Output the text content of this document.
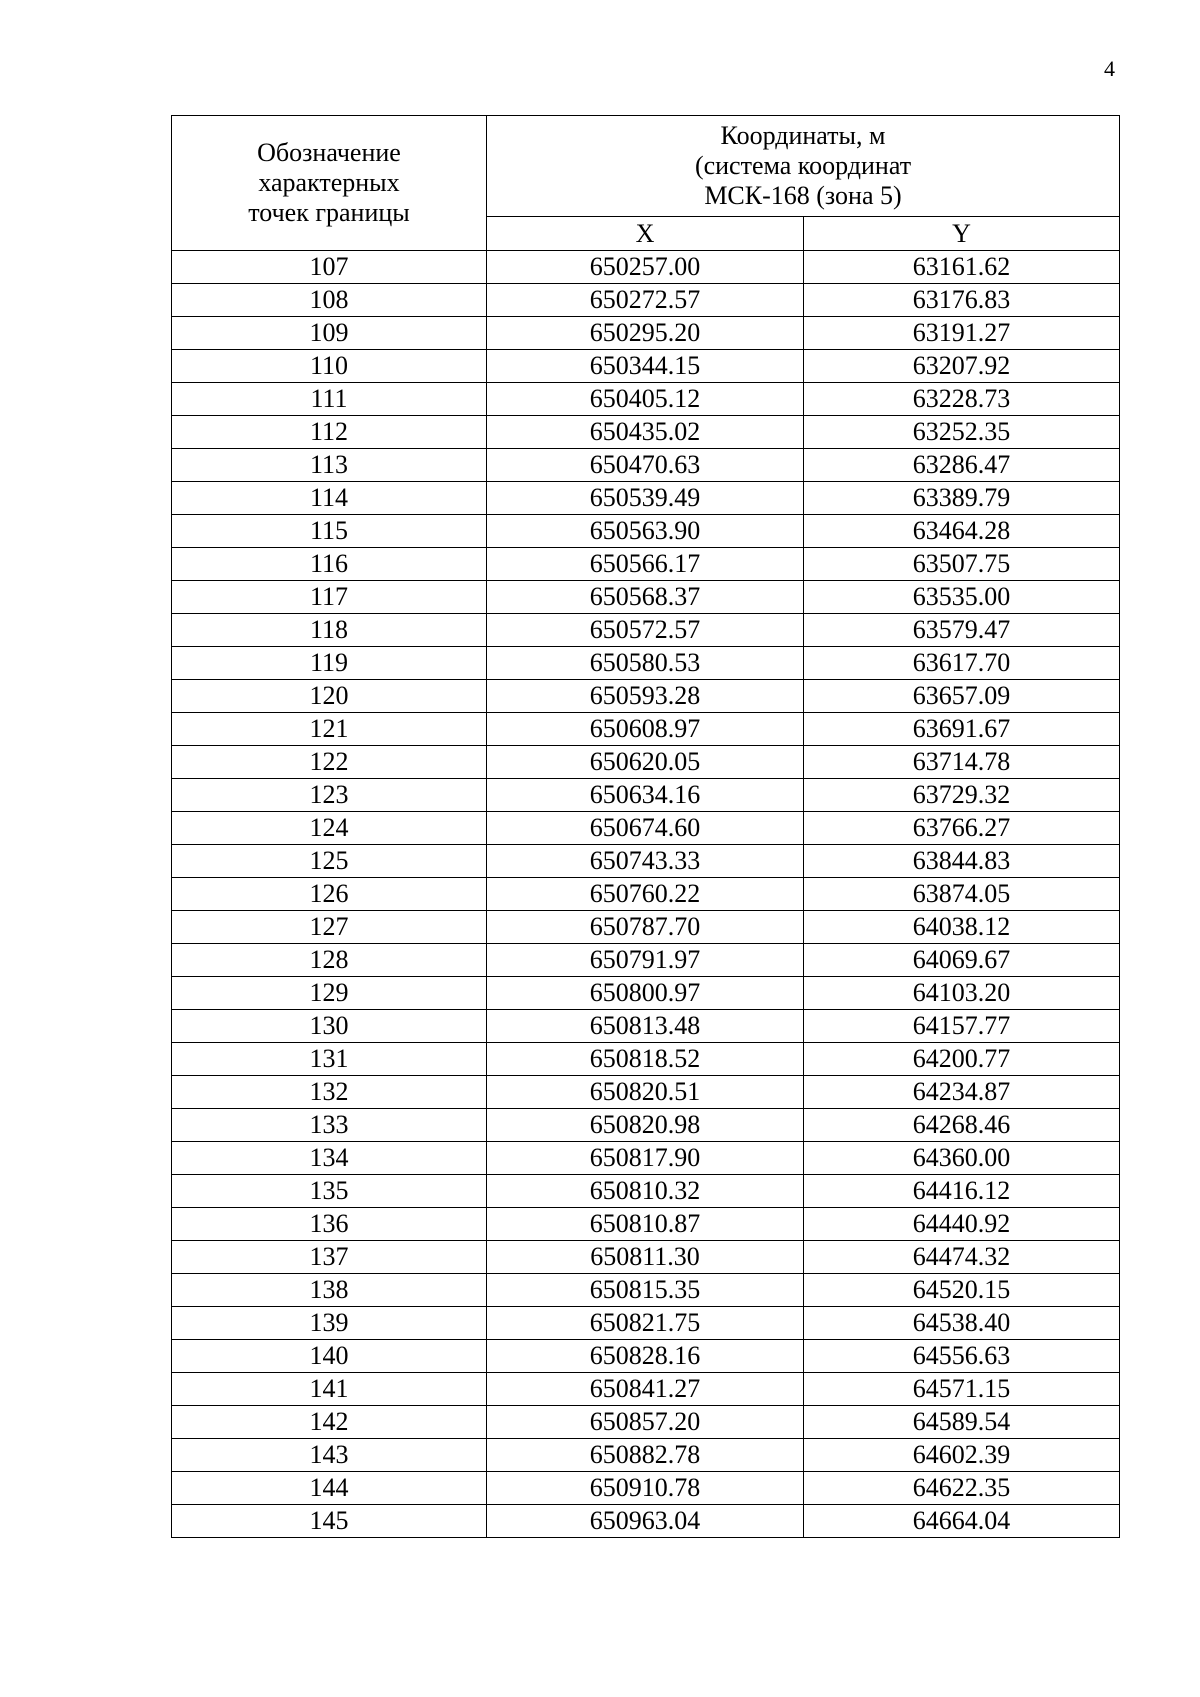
4
Обозначение
характерных
точек границы	Координаты, м
(система координат
МСК-168 (зона 5)	

	X	Y
107	650257.00	63161.62
108	650272.57	63176.83
109	650295.20	63191.27
110	650344.15	63207.92
111	650405.12	63228.73
112	650435.02	63252.35
113	650470.63	63286.47
114	650539.49	63389.79
115	650563.90	63464.28
116	650566.17	63507.75
117	650568.37	63535.00
118	650572.57	63579.47
119	650580.53	63617.70
120	650593.28	63657.09
121	650608.97	63691.67
122	650620.05	63714.78
123	650634.16	63729.32
124	650674.60	63766.27
125	650743.33	63844.83
126	650760.22	63874.05
127	650787.70	64038.12
128	650791.97	64069.67
129	650800.97	64103.20
130	650813.48	64157.77
131	650818.52	64200.77
132	650820.51	64234.87
133	650820.98	64268.46
134	650817.90	64360.00
135	650810.32	64416.12
136	650810.87	64440.92
137	650811.30	64474.32
138	650815.35	64520.15
139	650821.75	64538.40
140	650828.16	64556.63
141	650841.27	64571.15
142	650857.20	64589.54
143	650882.78	64602.39
144	650910.78	64622.35
145	650963.04	64664.04
